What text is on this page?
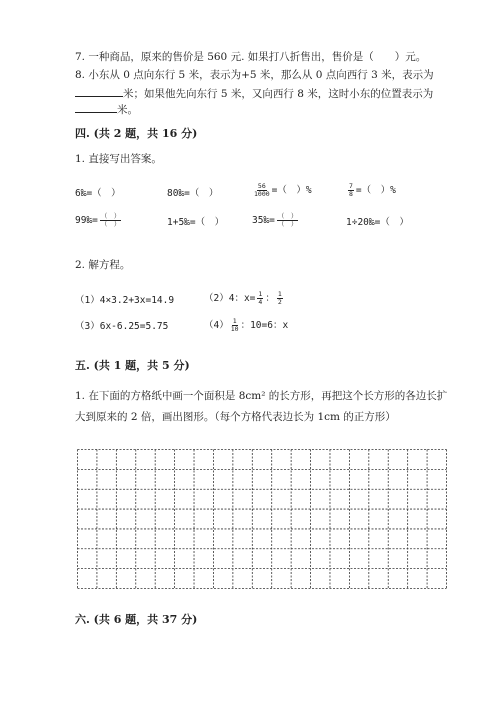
7. 一种商品，原来的售价是 560 元. 如果打八折售出，售价是（　　）元。
8. 小东从 0 点向东行 5 米，表示为+5 米，那么从 0 点向西行 3 米，表示为
米；如果他先向东行 5 米，又向西行 8 米，这时小东的位置表示为
米。
四. (共 2 题，共 16 分)
1. 直接写出答案。
6‰=（　）	80‰=（　）	$\frac{56}{1000}$ =（　）%	$\frac{7}{8}$ =（　）%
99‰= $\frac{( )}{( )}$	1+5‰=（　）	35‰= $\frac{( )}{( )}$	1÷20‰=（　）
2. 解方程。
（1）4×3.2+3x=14.9	（2）4：$x= \frac{1}{4}$ ： $\frac{1}{2}$
（3）6x-6.25=5.75	$(4) \frac{1}{10}$ ：10=6：x
五. (共 1 题，共 5 分)
1. 在下面的方格纸中画一个面积是 8cm² 的长方形，再把这个长方形的各边长扩
大到原来的 2 倍，画出图形。（每个方格代表边长为 1cm 的正方形）
六. (共 6 题，共 37 分)
